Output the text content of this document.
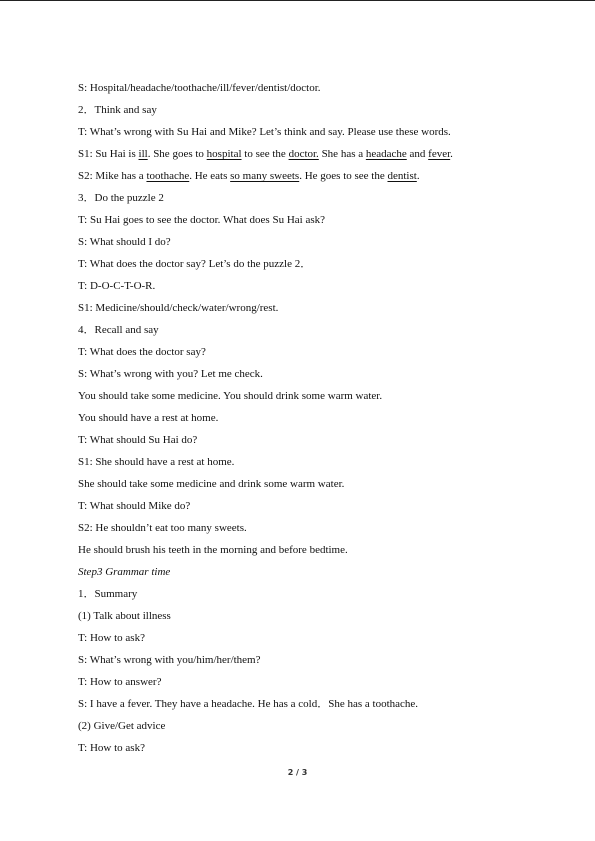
S: Hospital/headache/toothache/ill/fever/dentist/doctor.
2．Think and say
T: What’s wrong with Su Hai and Mike? Let’s think and say. Please use these words.
S1: Su Hai is ill. She goes to hospital to see the doctor. She has a headache and fever.
S2: Mike has a toothache. He eats so many sweets. He goes to see the dentist.
3．Do the puzzle 2
T: Su Hai goes to see the doctor. What does Su Hai ask?
S: What should I do?
T: What does the doctor say? Let’s do the puzzle 2．
T: D-O-C-T-O-R.
S1: Medicine/should/check/water/wrong/rest.
4．Recall and say
T: What does the doctor say?
S: What’s wrong with you? Let me check.
You should take some medicine. You should drink some warm water.
You should have a rest at home.
T: What should Su Hai do?
S1: She should have a rest at home.
She should take some medicine and drink some warm water.
T: What should Mike do?
S2: He shouldn’t eat too many sweets.
He should brush his teeth in the morning and before bedtime.
Step3 Grammar time
1．Summary
(1) Talk about illness
T: How to ask?
S: What’s wrong with you/him/her/them?
T: How to answer?
S: I have a fever. They have a headache. He has a cold．She has a toothache.
(2) Give/Get advice
T: How to ask?
2 / 3
